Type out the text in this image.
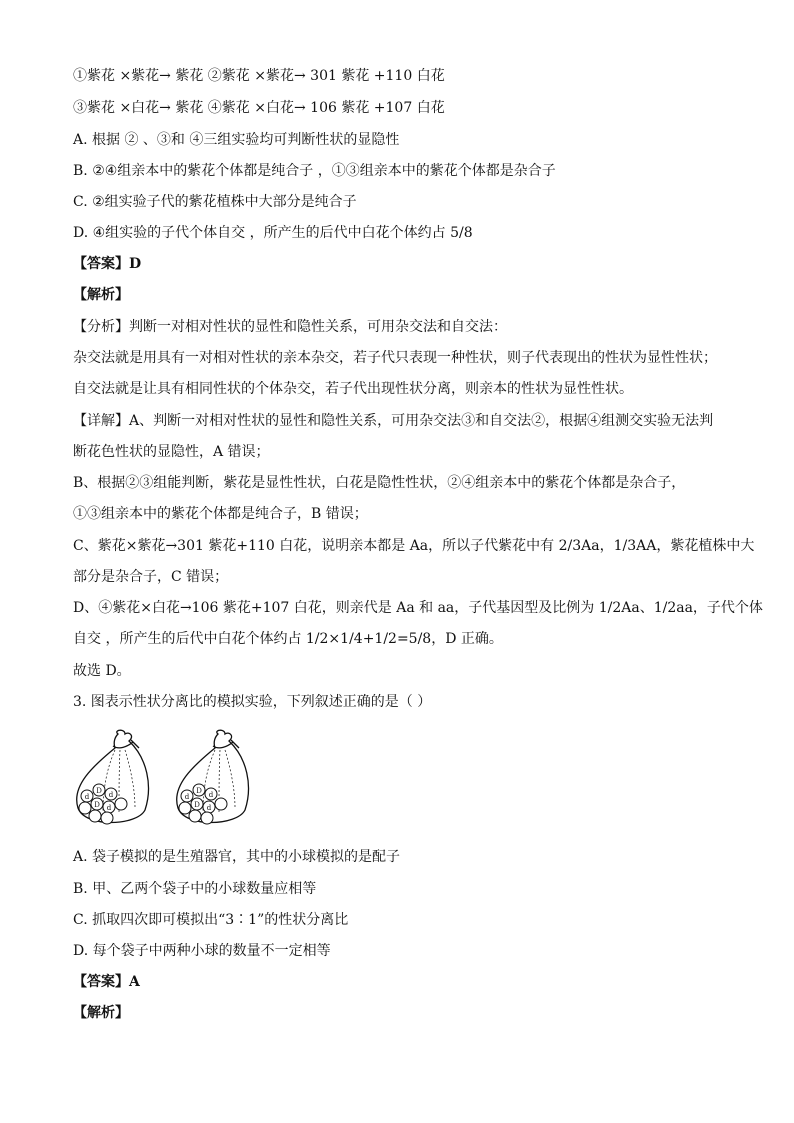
①紫花 ×紫花→ 紫花 ②紫花 ×紫花→ 301 紫花 +110 白花
③紫花 ×白花→ 紫花 ④紫花 ×白花→ 106 紫花 +107 白花
A. 根据 ② 、③和 ④三组实验均可判断性状的显隐性
B. ②④组亲本中的紫花个体都是纯合子 ，①③组亲本中的紫花个体都是杂合子
C. ②组实验子代的紫花植株中大部分是纯合子
D. ④组实验的子代个体自交 ，所产生的后代中白花个体约占 5/8
【答案】D
【解析】
【分析】判断一对相对性状的显性和隐性关系，可用杂交法和自交法：
杂交法就是用具有一对相对性状的亲本杂交，若子代只表现一种性状，则子代表现出的性状为显性性状；
自交法就是让具有相同性状的个体杂交，若子代出现性状分离，则亲本的性状为显性性状。
【详解】A、判断一对相对性状的显性和隐性关系，可用杂交法③和自交法②，根据④组测交实验无法判
断花色性状的显隐性，A 错误；
B、根据②③组能判断，紫花是显性性状，白花是隐性性状，②④组亲本中的紫花个体都是杂合子，
①③组亲本中的紫花个体都是纯合子，B 错误；
C、紫花×紫花→301 紫花+110 白花，说明亲本都是 Aa，所以子代紫花中有 2/3Aa，1/3AA，紫花植株中大
部分是杂合子，C 错误；
D、④紫花×白花→106 紫花+107 白花，则亲代是 Aa 和 aa，子代基因型及比例为 1/2Aa、1/2aa，子代个体
自交 ，所产生的后代中白花个体约占 1/2×1/4+1/2=5/8，D 正确。
故选 D。
3. 图表示性状分离比的模拟实验，下列叙述正确的是（ ）
d
D d
D d
d
D d
D d
A. 袋子模拟的是生殖器官，其中的小球模拟的是配子
B. 甲、乙两个袋子中的小球数量应相等
C. 抓取四次即可模拟出“3∶1”的性状分离比
D. 每个袋子中两种小球的数量不一定相等
【答案】A
【解析】
